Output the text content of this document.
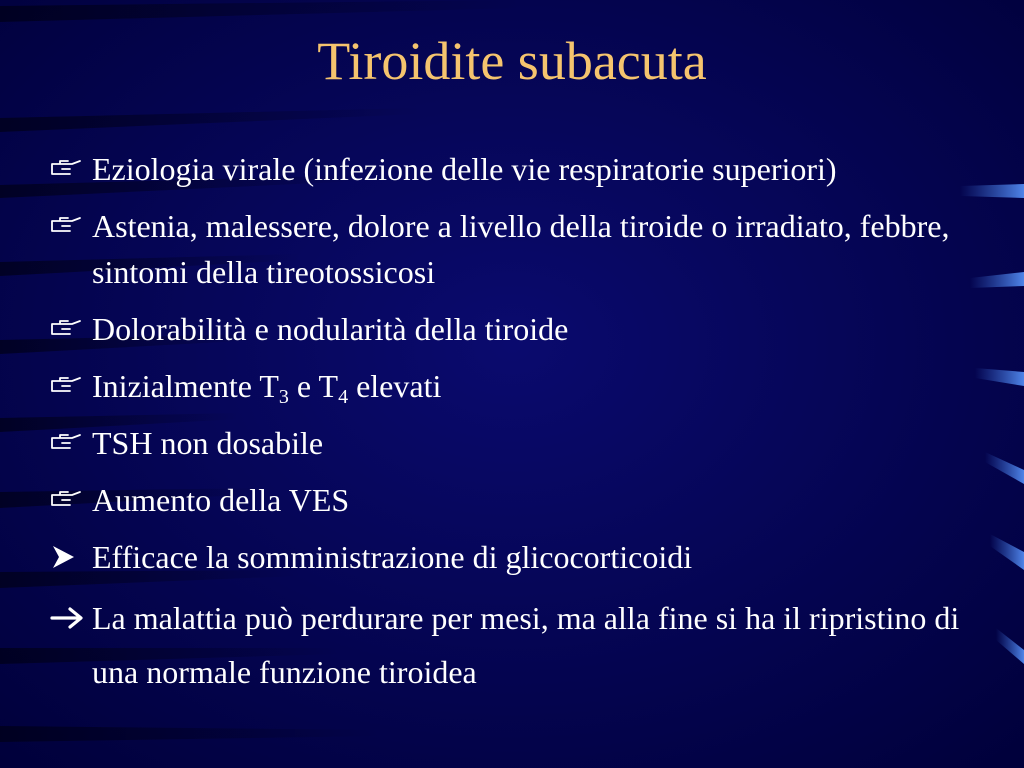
Tiroidite subacuta
Eziologia virale (infezione delle vie respiratorie superiori)
Astenia, malessere, dolore a livello della tiroide o irradiato, febbre, sintomi della tireotossicosi
Dolorabilità e nodularità della tiroide
Inizialmente $T_3$ e $T_4$ elevati
TSH non dosabile
Aumento della VES
Efficace la somministrazione di glicocorticoidi
La malattia può perdurare per mesi, ma alla fine si ha il ripristino di una normale funzione tiroidea
